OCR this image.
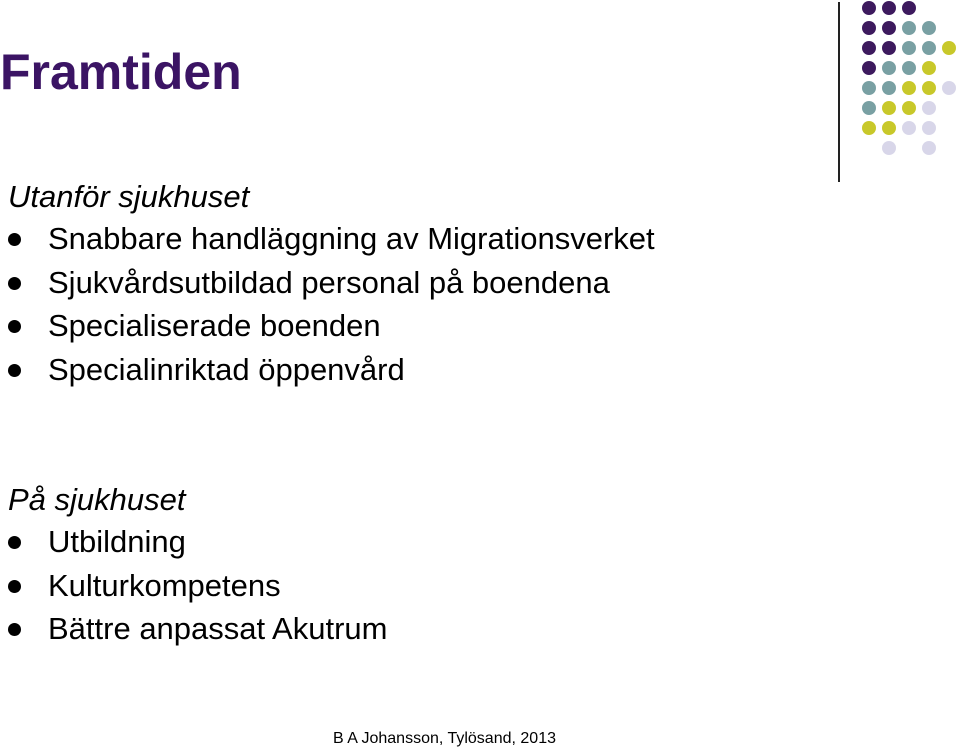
Framtiden
Utanför sjukhuset
Snabbare handläggning av Migrationsverket
Sjukvårdsutbildad personal på boendena
Specialiserade boenden
Specialinriktad öppenvård
På sjukhuset
Utbildning
Kulturkompetens
Bättre anpassat Akutrum
B A Johansson, Tylösand, 2013
